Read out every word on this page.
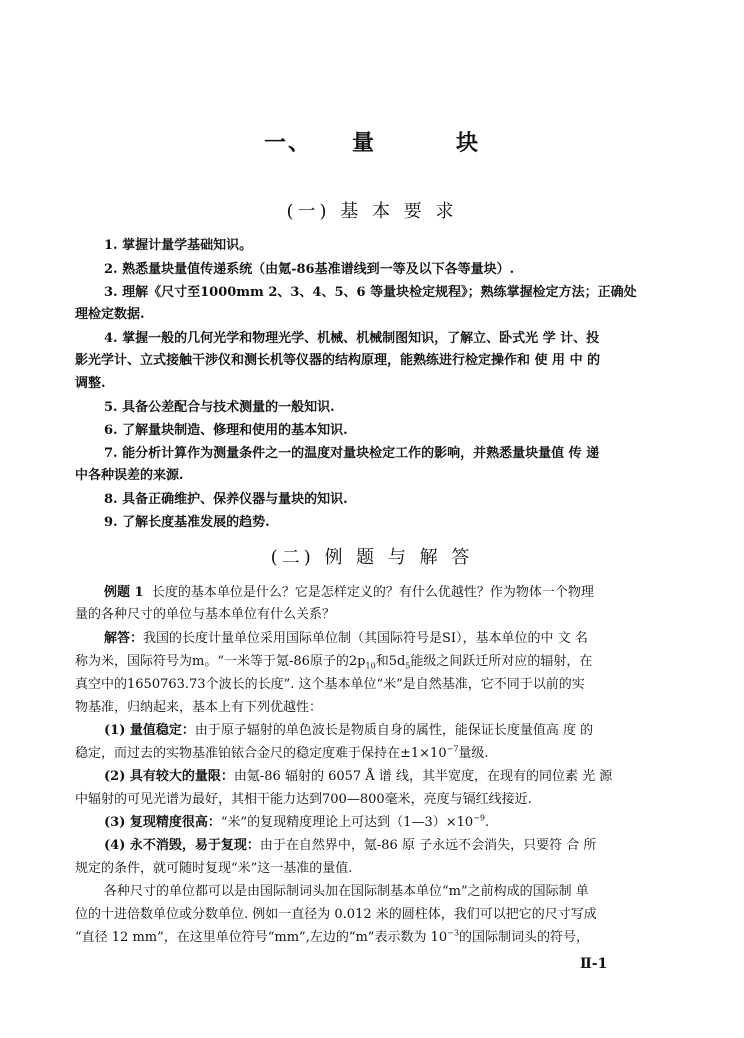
一、 量	块
(一) 基 本 要 求
1. 掌握计量学基础知识。
2. 熟悉量块量值传递系统（由氪-86基准谱线到一等及以下各等量块）.
3. 理解《尺寸至1000mm 2、3、4、5、6 等量块检定规程》；熟练掌握检定方法；正确处
理检定数据.
4. 掌握一般的几何光学和物理光学、机械、机械制图知识，了解立、卧式光 学 计、投
影光学计、立式接触干涉仪和测长机等仪器的结构原理，能熟练进行检定操作和 使 用 中 的
调整.
5. 具备公差配合与技术测量的一般知识.
6. 了解量块制造、修理和使用的基本知识.
7. 能分析计算作为测量条件之一的温度对量块检定工作的影响，并熟悉量块量值 传 递
中各种误差的来源.
8. 具备正确维护、保养仪器与量块的知识.
9. 了解长度基准发展的趋势.
(二) 例 题 与 解 答
例题 1 长度的基本单位是什么？它是怎样定义的？有什么优越性？作为物体一个物理
量的各种尺寸的单位与基本单位有什么关系？
解答：我国的长度计量单位采用国际单位制（其国际符号是SI），基本单位的中 文 名
称为米，国际符号为m。“一米等于氪-86原子的$2p_{10}$和$5d_5$能级之间跃迁所对应的辐射，在
真空中的1650763.73个波长的长度”. 这个基本单位“米”是自然基准，它不同于以前的实
物基准，归纳起来，基本上有下列优越性：
(1) 量值稳定：由于原子辐射的单色波长是物质自身的属性，能保证长度量值高 度 的
稳定，而过去的实物基准铂铱合金尺的稳定度难于保持在$\pm 1\times 10^{-7}$量级.
(2) 具有较大的量限：由氪-86 辐射的 6057 Å 谱 线，其半宽度，在现有的同位素 光 源
中辐射的可见光谱为最好，其相干能力达到700—800毫米，亮度与镉红线接近.
(3) 复现精度很高：“米”的复现精度理论上可达到$(1—3)\times 10^{-9}$.
(4) 永不消毁，易于复现：由于在自然界中，氪-86 原 子永远不会消失，只要符 合 所
规定的条件，就可随时复现“米”这一基准的量值.
各种尺寸的单位都可以是由国际制词头加在国际制基本单位“m”之前构成的国际制 单
位的十进倍数单位或分数单位. 例如一直径为 0.012 米的圆柱体，我们可以把它的尺寸写成
“直径 12 mm”，在这里单位符号“mm”,左边的“m”表示数为 $10^{-3}$的国际制词头的符号，
Ⅱ-1
